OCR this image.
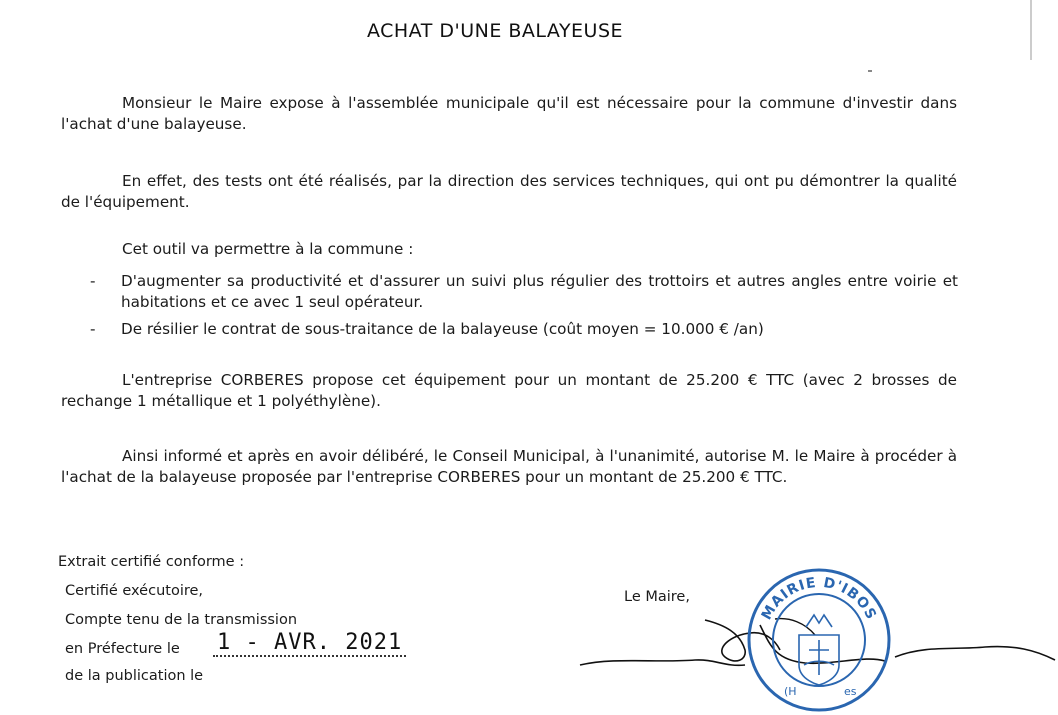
ACHAT D'UNE BALAYEUSE
Monsieur le Maire expose à l'assemblée municipale qu'il est nécessaire pour la commune d'investir dans l'achat d'une balayeuse.
En effet, des tests ont été réalisés, par la direction des services techniques, qui ont pu démontrer la qualité de l'équipement.
Cet outil va permettre à la commune :
- D'augmenter sa productivité et d'assurer un suivi plus régulier des trottoirs et autres angles entre voirie et habitations et ce avec 1 seul opérateur.
- De résilier le contrat de sous-traitance de la balayeuse (coût moyen = 10.000 € /an)
L'entreprise CORBERES propose cet équipement pour un montant de 25.200 € TTC (avec 2 brosses de rechange 1 métallique et 1 polyéthylène).
Ainsi informé et après en avoir délibéré, le Conseil Municipal, à l'unanimité, autorise M. le Maire à procéder à l'achat de la balayeuse proposée par l'entreprise CORBERES pour un montant de 25.200 € TTC.
Extrait certifié conforme :
Certifié exécutoire,
Compte tenu de la transmission
en Préfecture le
de la publication le
1 - AVR. 2021
Le Maire,
MAIRIE D'IBOS
(H	es
